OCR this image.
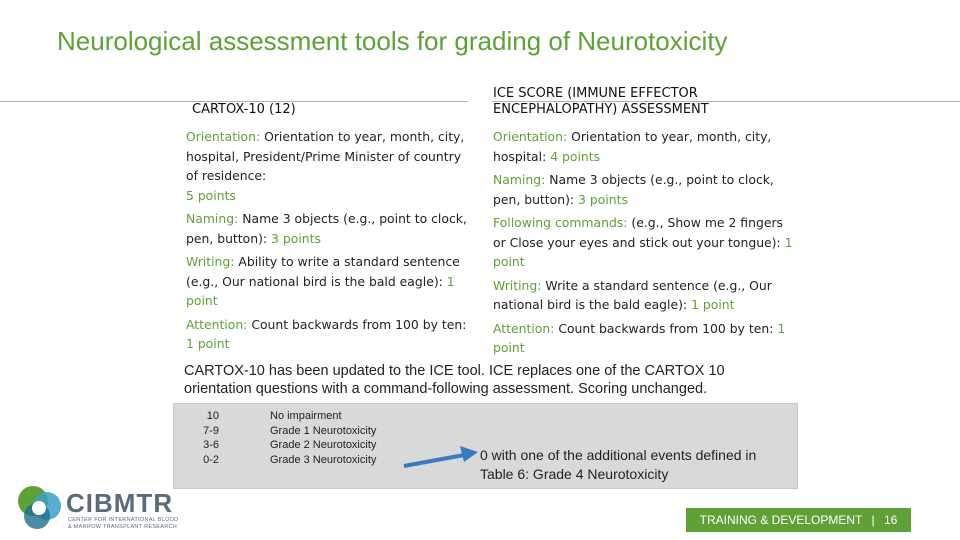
Neurological assessment tools for grading of Neurotoxicity
CARTOX-10 (12)
ICE SCORE (IMMUNE EFFECTOR ENCEPHALOPATHY) ASSESSMENT

Orientation: Orientation to year, month, city, hospital, President/Prime Minister of country of residence:
5 points

Naming: Name 3 objects (e.g., point to clock, pen, button): 3 points

Writing: Ability to write a standard sentence (e.g., Our national bird is the bald eagle): 1 point

Attention: Count backwards from 100 by ten: 1 point

Orientation: Orientation to year, month, city, hospital: 4 points

Naming: Name 3 objects (e.g., point to clock, pen, button): 3 points

Following commands: (e.g., Show me 2 fingers or Close your eyes and stick out your tongue): 1 point

Writing: Write a standard sentence (e.g., Our national bird is the bald eagle): 1 point

Attention: Count backwards from 100 by ten: 1 point

CARTOX-10 has been updated to the ICE tool. ICE replaces one of the CARTOX 10 orientation questions with a command-following assessment. Scoring unchanged.
10
7-9
3-6
0-2
No impairment
Grade 1 Neurotoxicity
Grade 2 Neurotoxicity
Grade 3 Neurotoxicity	0 with one of the additional events defined in Table 6: Grade 4 Neurotoxicity
CIBMTR
CENTER FOR INTERNATIONAL BLOOD
& MARROW TRANSPLANT RESEARCH	TRAINING & DEVELOPMENT | 16
